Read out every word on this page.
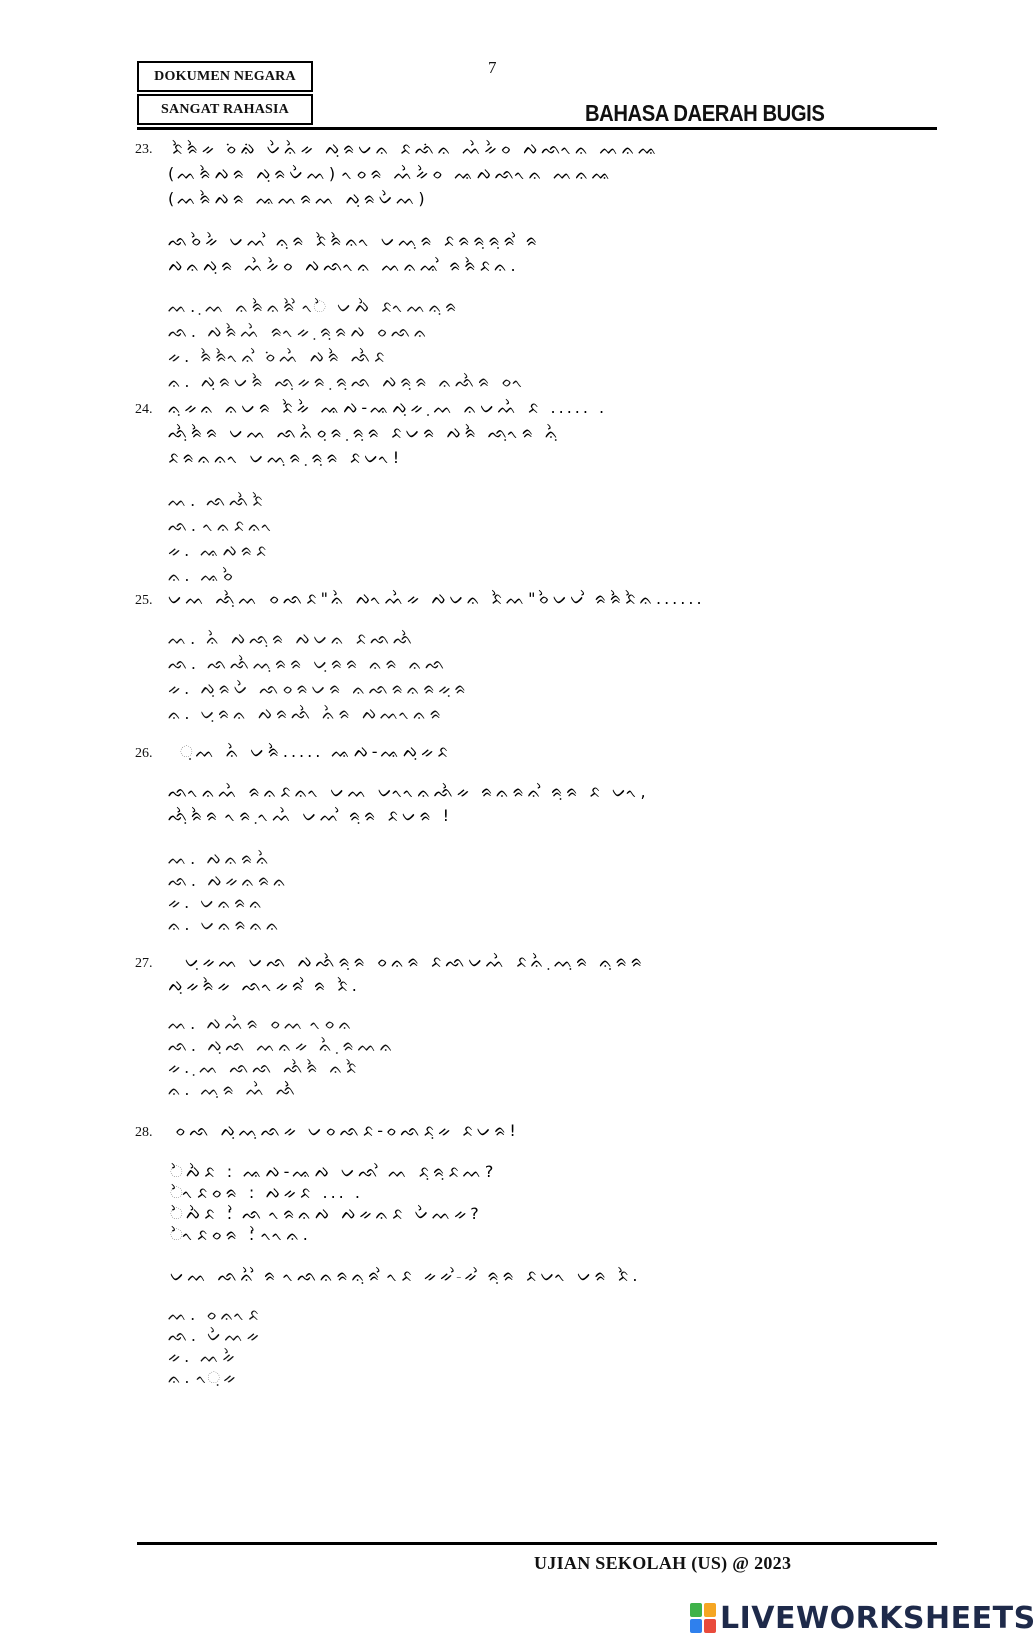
DOKUMEN NEGARA
SANGAT RAHASIA
7
BAHASA DAERAH BUGIS
23. ᨅᨛᨑᨛᨀ ᨔᨗᨁᨗ ᨆᨛᨊᨛᨀ ᨄᨘᨑᨆᨊ ᨅᨒᨗᨊ ᨓᨛᨀᨛᨔ ᨄᨒᨚᨊ ᨓᨊᨕ
(ᨓᨑᨛᨄᨑ ᨄᨘᨑᨆᨛᨓ) ᨚᨔᨑ ᨓᨛᨀᨛᨔ ᨕᨄᨒᨚᨊ ᨓᨊᨕ
(ᨓᨑᨛᨄᨑ ᨕᨓᨑᨓ ᨄᨘᨑᨆᨛᨓ)
ᨒᨔᨛᨀᨛ ᨆᨓ ᨛᨊᨘᨑ ᨅᨛᨑᨛᨊᨚ ᨆᨓᨘᨑ ᨅᨑᨑᨘᨑᨘᨑ ᨛᨑ
ᨄᨊᨄᨘᨑ ᨓᨛᨀᨛᨔ ᨄᨒᨚᨊ ᨓᨊᨕ ᨛᨑᨑᨛᨅᨊ.
ᨓ. ᨘᨓ ᨊᨑᨛᨊᨑᨛ ᨛᨚᨛ ᨆᨄᨛ ᨅᨚᨓᨊᨘᨑ
ᨒ. ᨄᨑᨛᨓᨛ ᨑᨚᨀ ᨘᨑᨘᨑᨄ ᨔᨒᨊ
ᨀ. ᨑᨛᨑᨛᨚᨊ ᨛᨔᨗᨓᨛ ᨄᨑᨛ ᨒᨛᨅ
ᨊ. ᨄᨘᨑᨆᨑᨛ ᨒᨘᨀᨑ ᨘᨑᨘᨒ ᨄᨑᨘᨑ ᨊᨒᨛᨑ ᨔᨚ
24. ᨊᨘᨀᨊ ᨊᨆᨑ ᨅᨛᨀᨛ ᨕᨄ-ᨕᨄᨘᨀ ᨘᨓ ᨊᨆᨓᨛ ᨅ ..... .
ᨒᨛᨘᨑᨛᨑ ᨆᨓ ᨒᨊᨛᨔᨘᨑ ᨘᨑᨘᨑ ᨅᨆᨑ ᨄᨑᨛ ᨒᨘᨚᨑ ᨊᨘᨛ
ᨅᨑᨊᨊᨚ ᨆᨓᨘᨑ ᨘᨑᨘᨑ ᨅᨆᨚ!
ᨓ. ᨒᨒᨛᨅᨛ
ᨒ. ᨚᨊᨅᨊᨚ
ᨀ. ᨕᨄᨑᨅ
ᨊ. ᨕᨔᨛ
25. ᨆᨓ ᨒᨛᨘᨓ ᨔᨒᨅ"ᨊᨛ ᨄᨚᨓᨛᨀ ᨄᨆᨊ ᨅᨛᨓ"ᨔᨛᨆᨆ ᨛᨑᨑᨛᨅᨛᨊ......
ᨓ. ᨊᨛ ᨄᨒᨘᨑ ᨄᨆᨊ ᨅᨒᨒᨛ
ᨒ. ᨒᨒᨛᨓᨘᨑᨑ ᨆᨘᨑᨑ ᨊᨑ ᨊᨒ
ᨀ. ᨄᨘᨑᨆᨛ ᨒᨔᨑᨆᨑ ᨊᨒᨑᨊᨑᨀᨘᨑ
ᨊ. ᨆᨘᨑᨊ ᨄᨑᨒᨛ ᨊᨛᨑ ᨄᨓᨚᨊᨑ
26. ᨘᨓ ᨊᨛ ᨆᨑᨛ..... ᨕᨄ-ᨕᨄᨘᨀᨅ
ᨒᨚᨊᨓᨛ ᨑᨊᨅᨊᨚ ᨆᨓ ᨆᨚᨚᨊᨒᨛᨀ ᨑᨊᨑᨊ ᨛᨑᨘᨑ ᨅ ᨆᨚ,
ᨒᨛᨘᨑᨛᨑ ᨚᨑ ᨘᨚᨓᨛ ᨆᨓ ᨛᨑᨘᨑ ᨅᨆᨑ !
ᨓ. ᨄᨊᨑᨊᨛ
ᨒ. ᨄᨀᨊᨑᨊ
ᨀ. ᨆᨊᨑᨊ
ᨊ. ᨆᨊᨑᨊᨊ
27. ᨆᨘᨀᨓ ᨆᨒ ᨄᨒᨛᨑᨘᨑ ᨔᨊᨑ ᨅᨒᨆᨓᨛ ᨅᨊᨛ ᨘᨓᨘᨑ ᨊᨘᨑᨑ
ᨄᨘᨀᨑᨛᨀ ᨒᨚᨀᨑ ᨛᨑ ᨅᨛ.
ᨓ. ᨄᨓᨛᨑ ᨔᨓ ᨚᨔᨊ
ᨒ. ᨄᨘᨒ ᨓᨊᨀ ᨊᨛ ᨘᨑᨓᨊ
ᨀ. ᨘᨓ ᨒᨒ ᨒᨛᨑᨛ ᨊᨅᨛ
ᨊ. ᨓᨘᨑ ᨓᨛ ᨒᨛᨛ
28. ᨔᨒ ᨄᨘᨓᨘᨒᨀ ᨆᨔᨒᨅ-ᨔᨒᨅᨘᨀ ᨅᨆᨑ!
ᨛᨄᨛᨅ : ᨕᨄ-ᨕᨄ ᨆᨒ ᨛᨓ ᨅᨘᨑᨘᨅᨓ?
ᨛᨚᨅᨔᨑ : ᨄᨀᨅ ... .
ᨛᨄᨛᨅ : ᨛᨒ ᨚᨑᨊᨄ ᨄᨀᨊᨅ ᨆᨛᨓᨀ?
ᨛᨚᨅᨔᨑ : ᨛᨚᨚᨊ.
ᨆᨓ ᨒᨊᨛ ᨛᨑ ᨚᨒᨊᨑᨊᨘᨑ ᨛᨚᨅ ᨀᨀ-ᨛᨀ ᨛᨑᨘᨑ ᨅᨆᨚ ᨆᨑ ᨅᨛ.
ᨓ. ᨔᨊᨚᨅ
ᨒ. ᨆᨛᨓᨀ
ᨀ. ᨓᨀᨛ
ᨊ. ᨚᨘᨀ
UJIAN SEKOLAH (US) @ 2023
LIVEWORKSHEETS
